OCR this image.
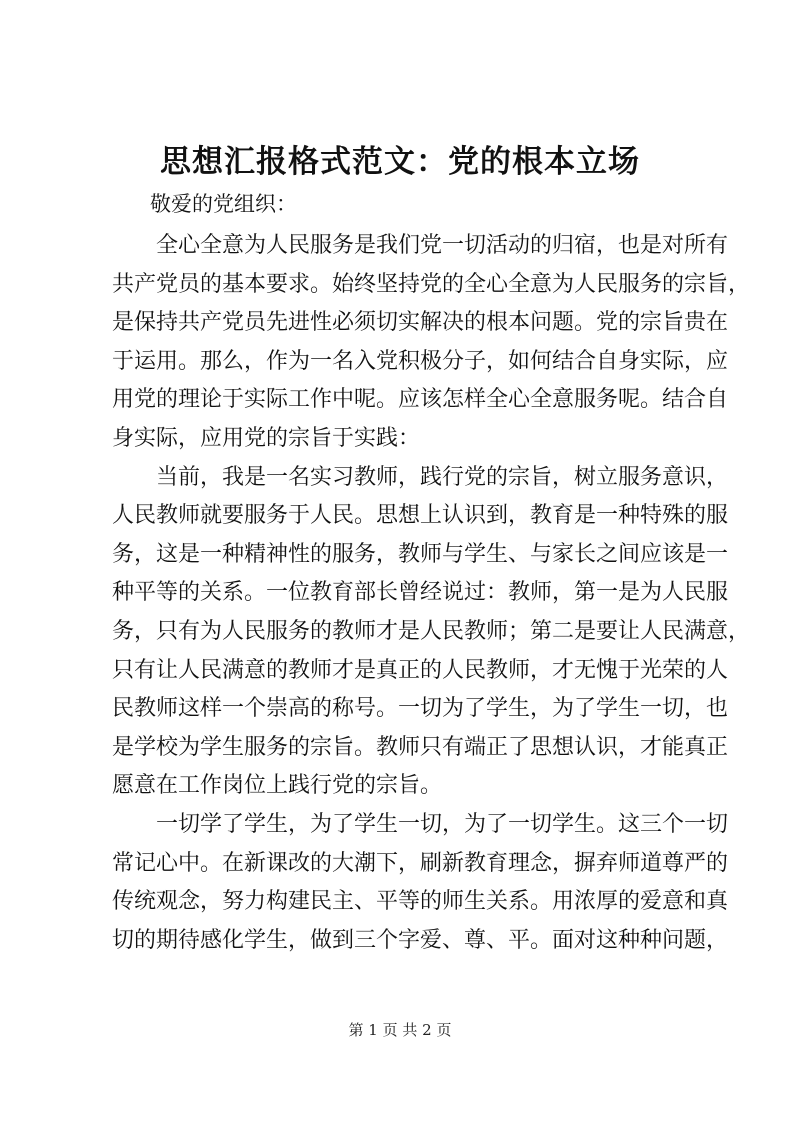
思想汇报格式范文：党的根本立场

敬爱的党组织：

全心全意为人民服务是我们党一切活动的归宿，也是对所有
共产党员的基本要求。始终坚持党的全心全意为人民服务的宗旨，
是保持共产党员先进性必须切实解决的根本问题。党的宗旨贵在
于运用。那么，作为一名入党积极分子，如何结合自身实际，应
用党的理论于实际工作中呢。应该怎样全心全意服务呢。结合自
身实际，应用党的宗旨于实践：
当前，我是一名实习教师，践行党的宗旨，树立服务意识，
人民教师就要服务于人民。思想上认识到，教育是一种特殊的服
务，这是一种精神性的服务，教师与学生、与家长之间应该是一
种平等的关系。一位教育部长曾经说过：教师，第一是为人民服
务，只有为人民服务的教师才是人民教师；第二是要让人民满意，
只有让人民满意的教师才是真正的人民教师，才无愧于光荣的人
民教师这样一个崇高的称号。一切为了学生，为了学生一切，也
是学校为学生服务的宗旨。教师只有端正了思想认识，才能真正
愿意在工作岗位上践行党的宗旨。
一切学了学生，为了学生一切，为了一切学生。这三个一切
常记心中。在新课改的大潮下，刷新教育理念，摒弃师道尊严的
传统观念，努力构建民主、平等的师生关系。用浓厚的爱意和真
切的期待感化学生，做到三个字爱、尊、平。面对这种种问题，
第 1 页 共 2 页
